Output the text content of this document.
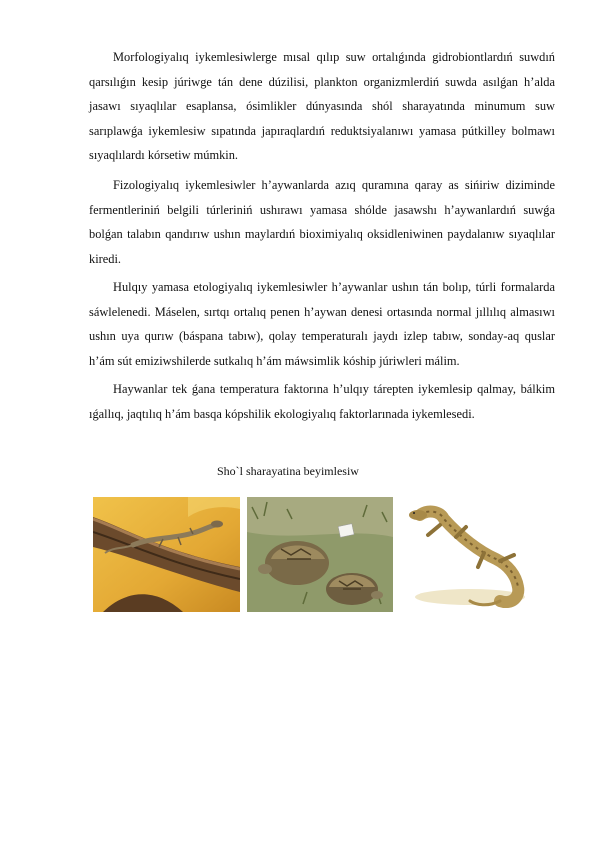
Morfologiyalıq iykemlesiwlerge mısal qılıp suw ortalıǵında gidrobiontlardıń suwdıń qarsılıǵın kesip júriwge tán dene dúzilisi, plankton organizmlerdiń suwda asılǵan h’alda jasawı sıyaqlılar esaplansa, ósimlikler dúnyasında shól sharayatında minumum suw sarıplawǵa iykemlesiw sıpatında japıraqlardıń reduktsiyalanıwı yamasa pútkilley bolmawı sıyaqlılardı kórsetiw múmkin.

Fizologiyalıq iykemlesiwler h’aywanlarda azıq quramına qaray as sińiriw diziminde fermentleriniń belgili túrleriniń ushırawı yamasa shólde jasawshı h’aywanlardıń suwǵa bolǵan talabın qandırıw ushın maylardıń bioximiyalıq oksidleniwinen paydalanıw sıyaqlılar kiredi.

Hulqıy yamasa etologiyalıq iykemlesiwler h’aywanlar ushın tán bolıp, túrli formalarda sáwlelenedi. Máselen, sırtqı ortalıq penen h’aywan denesi ortasında normal jıllılıq almasıwı ushın uya qurıw (báspana tabıw), qolay temperaturalı jaydı izlep tabıw, sonday-aq quslar h’ám sút emiziwshilerde sutkalıq h’ám máwsimlik kóship júriwleri málim.

Haywanlar tek ǵana temperatura faktorına h’ulqıy tárepten iykemlesip qalmay, bálkim ıǵallıq, jaqtılıq h’ám basqa kópshilik ekologiyalıq faktorlarınada iykemlesedi.

Sho`l sharayatina beyimlesiw
